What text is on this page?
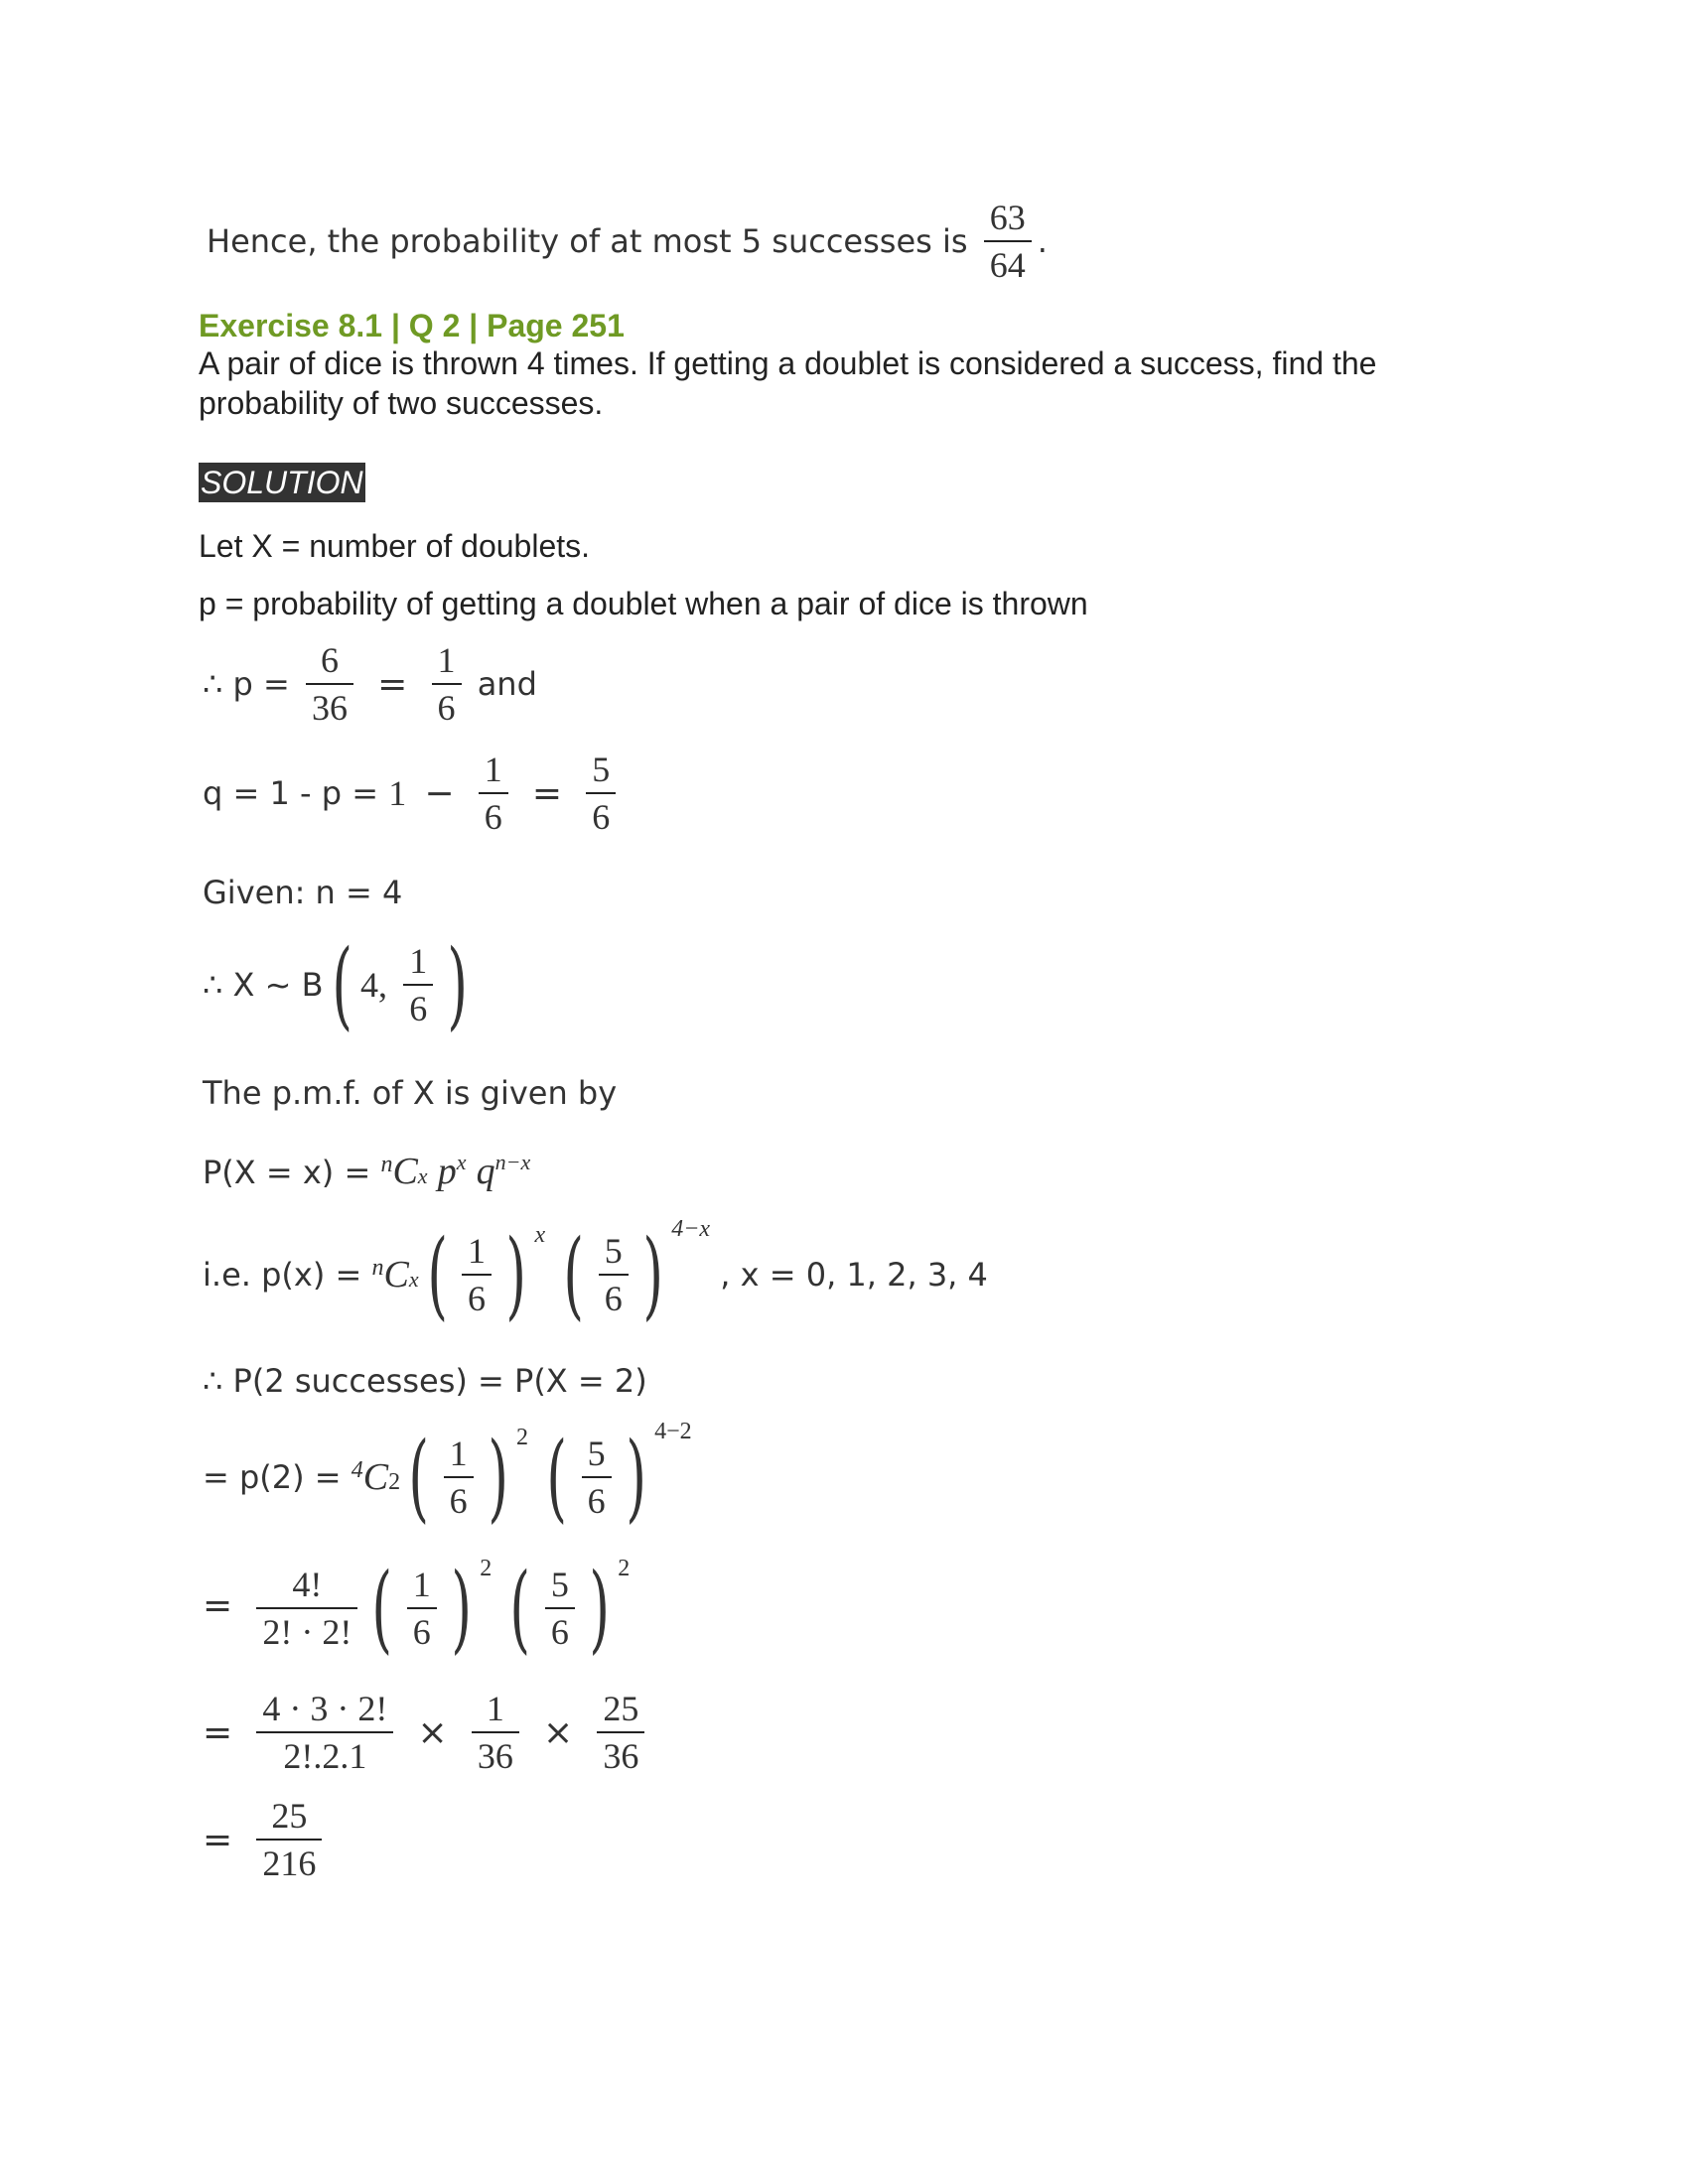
Hence, the probability of at most 5 successes is $\frac{63}{64}$ .
Exercise 8.1 | Q 2 | Page 251
A pair of dice is thrown 4 times. If getting a doublet is considered a success, find the
probability of two successes.
SOLUTION
Let X = number of doublets.
p = probability of getting a doublet when a pair of dice is thrown
∴ $p = \frac{6}{36} = \frac{1}{6}$ and
$q = 1 - p = 1 - \frac{1}{6} = \frac{5}{6}$
Given: n = 4
∴ X ~ B( 4, $\frac{1}{6}$ )
The p.m.f. of X is given by
P(X = x) = $^n$Cx $p^x$ $q^{n-x}$
i.e. $p(x) = ^nCx( \frac{1}{6}$ ) $^x$ ( $\frac{5}{6}$ ) $^{4-x}$ , x = 0, 1, 2, 3, 4
∴ P(2 successes) = P(X = 2)
= $p(2) = ^4C2( \frac{1}{6}$ ) $^2$ ( $\frac{5}{6}$ ) $^{4-2}$
= $\frac{4!}{2! \cdot 2!}$ ( $\frac{1}{6}$ ) $^2$ ( $\frac{5}{6}$ ) $^2$
= $\frac{4 \cdot 3 \cdot 2!}{2!.2.1} \times \frac{1}{36} \times \frac{25}{36}$
= $\frac{25}{216}$
